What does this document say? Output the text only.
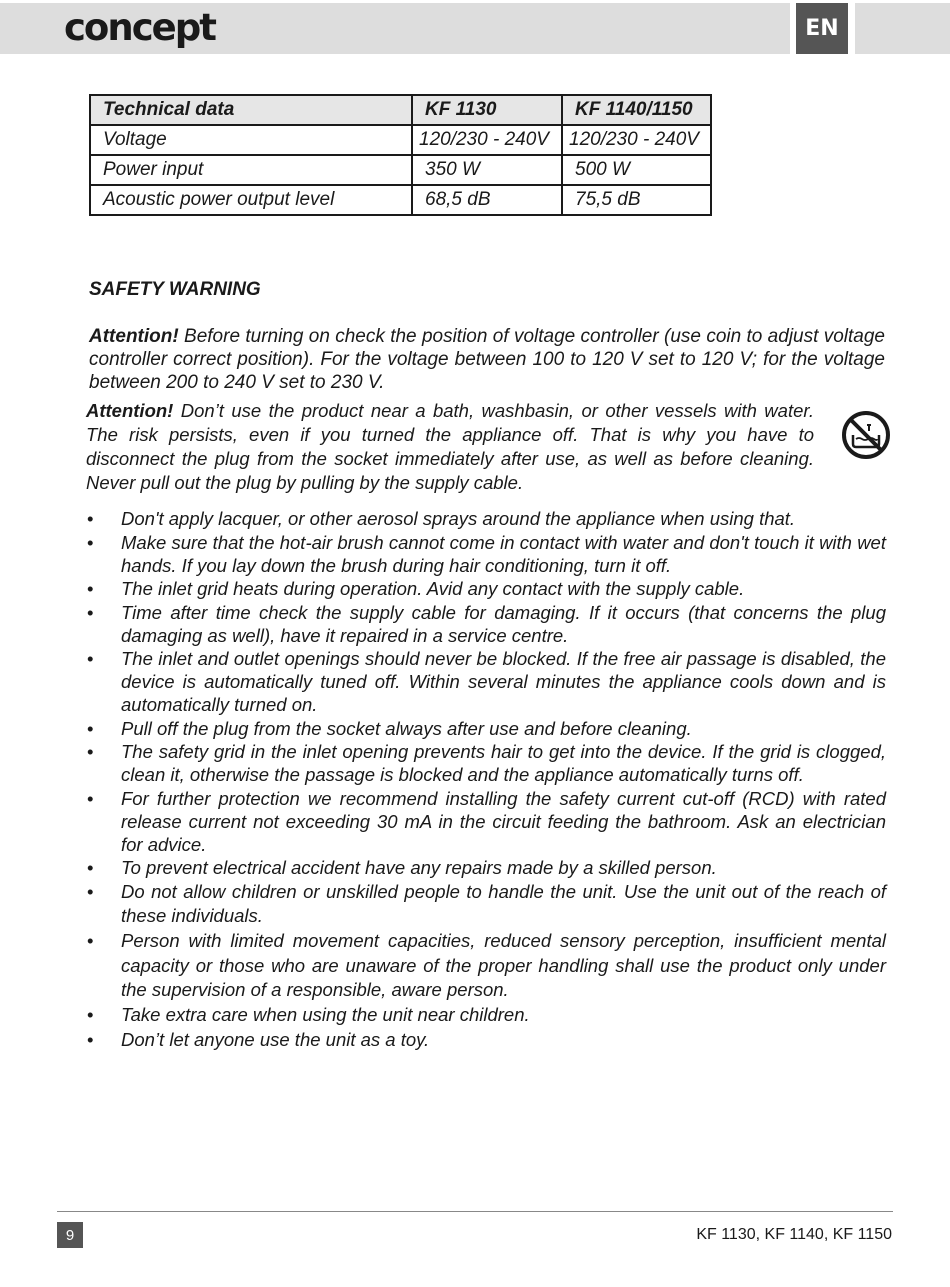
concept	EN
Technical data	KF 1130	KF 1140/1150
Voltage	120/230 - 240V	120/230 - 240V
Power input	350 W	500 W
Acoustic power output level	68,5 dB	75,5 dB
SAFETY WARNING

Attention! Before turning on check the position of voltage controller (use coin to adjust voltage controller correct position). For the voltage between 100 to 120 V set to 120 V; for the voltage between 200 to 240 V set to 230 V.

Attention! Don’t use the product near a bath, washbasin, or other vessels with water. The risk persists, even if you turned the appliance off. That is why you have to disconnect the plug from the socket immediately after use, as well as before cleaning. Never pull out the plug by pulling by the supply cable.

• Don't apply lacquer, or other aerosol sprays around the appliance when using that.
• Make sure that the hot-air brush cannot come in contact with water and don't touch it with wet hands. If you lay down the brush during hair conditioning, turn it off.
• The inlet grid heats during operation. Avid any contact with the supply cable.
• Time after time check the supply cable for damaging. If it occurs (that concerns the plug damaging as well), have it repaired in a service centre.
• The inlet and outlet openings should never be blocked. If the free air passage is disabled, the device is automatically tuned off. Within several minutes the appliance cools down and is automatically turned on.
• Pull off the plug from the socket always after use and before cleaning.
• The safety grid in the inlet opening prevents hair to get into the device. If the grid is clogged, clean it, otherwise the passage is blocked and the appliance automatically turns off.
• For further protection we recommend installing the safety current cut-off (RCD) with rated release current not exceeding 30 mA in the circuit feeding the bathroom. Ask an electrician for advice.
• To prevent electrical accident have any repairs made by a skilled person.
• Do not allow children or unskilled people to handle the unit. Use the unit out of the reach of these individuals.
• Person with limited movement capacities, reduced sensory perception, insufficient mental capacity or those who are unaware of the proper handling shall use the product only under the supervision of a responsible, aware person.
• Take extra care when using the unit near children.
• Don’t let anyone use the unit as a toy.
9	KF 1130, KF 1140, KF 1150
